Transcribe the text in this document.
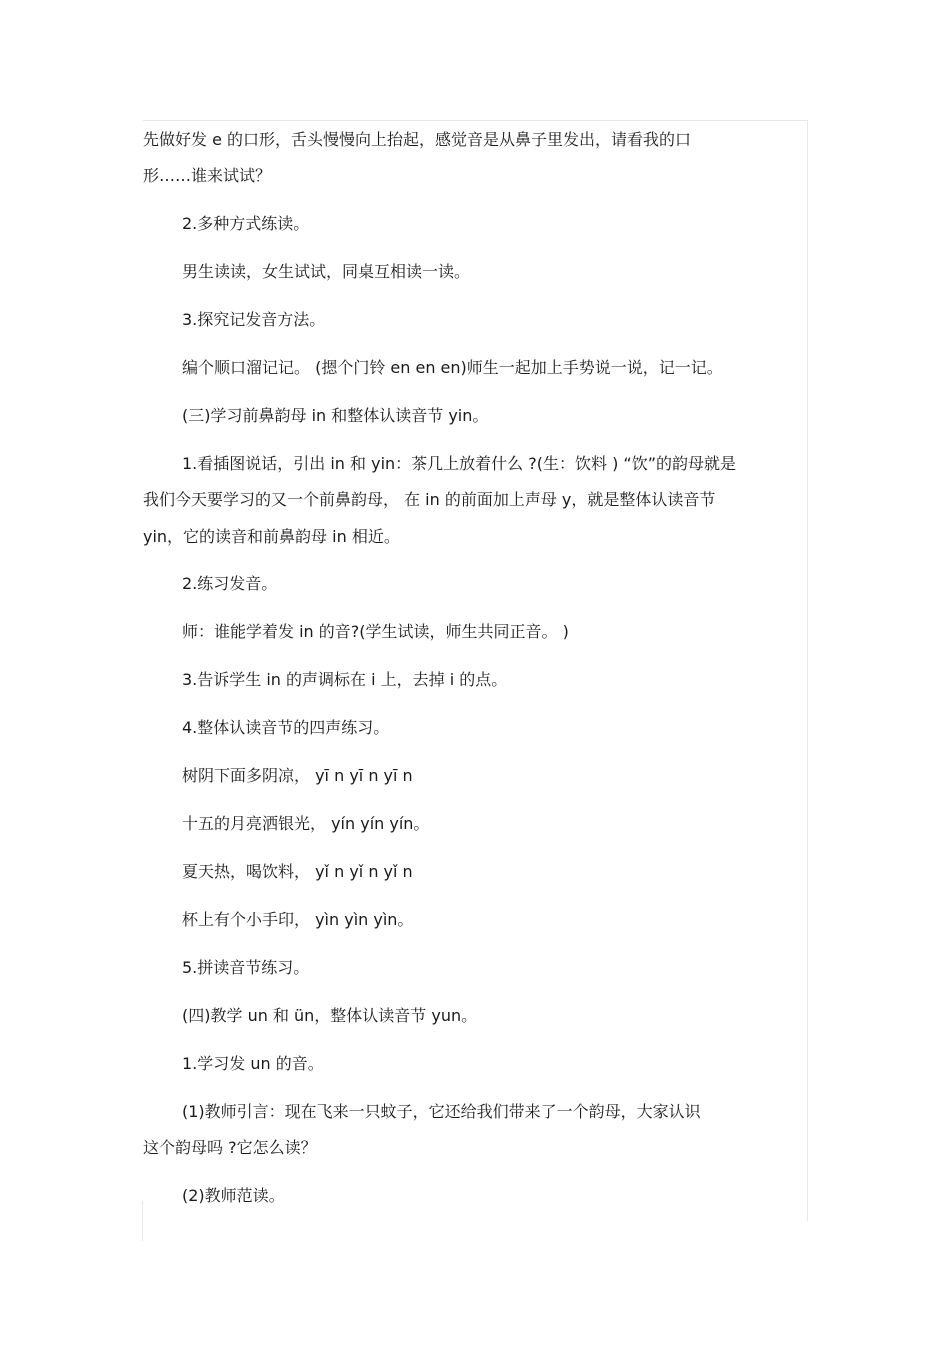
先做好发 e 的口形，舌头慢慢向上抬起，感觉音是从鼻子里发出，请看我的口
形……谁来试试？
2.多种方式练读。
男生读读，女生试试，同桌互相读一读。
3.探究记发音方法。
编个顺口溜记记。 (摁个门铃 en en en)师生一起加上手势说一说，记一记。
(三)学习前鼻韵母 in 和整体认读音节 yin。
1.看插图说话，引出 in 和 yin：茶几上放着什么 ?(生：饮料 ) “饮”的韵母就是
我们今天要学习的又一个前鼻韵母， 在 in 的前面加上声母 y，就是整体认读音节
yin，它的读音和前鼻韵母 in 相近。
2.练习发音。
师：谁能学着发 in 的音?(学生试读，师生共同正音。 )
3.告诉学生 in 的声调标在 i 上，去掉 i 的点。
4.整体认读音节的四声练习。
树阴下面多阴凉， yī n yī n yī n
十五的月亮洒银光， yín yín yín。
夏天热，喝饮料， yǐ n yǐ n yǐ n
杯上有个小手印， yìn yìn yìn。
5.拼读音节练习。
(四)教学 un 和 ün，整体认读音节 yun。
1.学习发 un 的音。
(1)教师引言：现在飞来一只蚊子，它还给我们带来了一个韵母，大家认识
这个韵母吗 ?它怎么读？
(2)教师范读。
